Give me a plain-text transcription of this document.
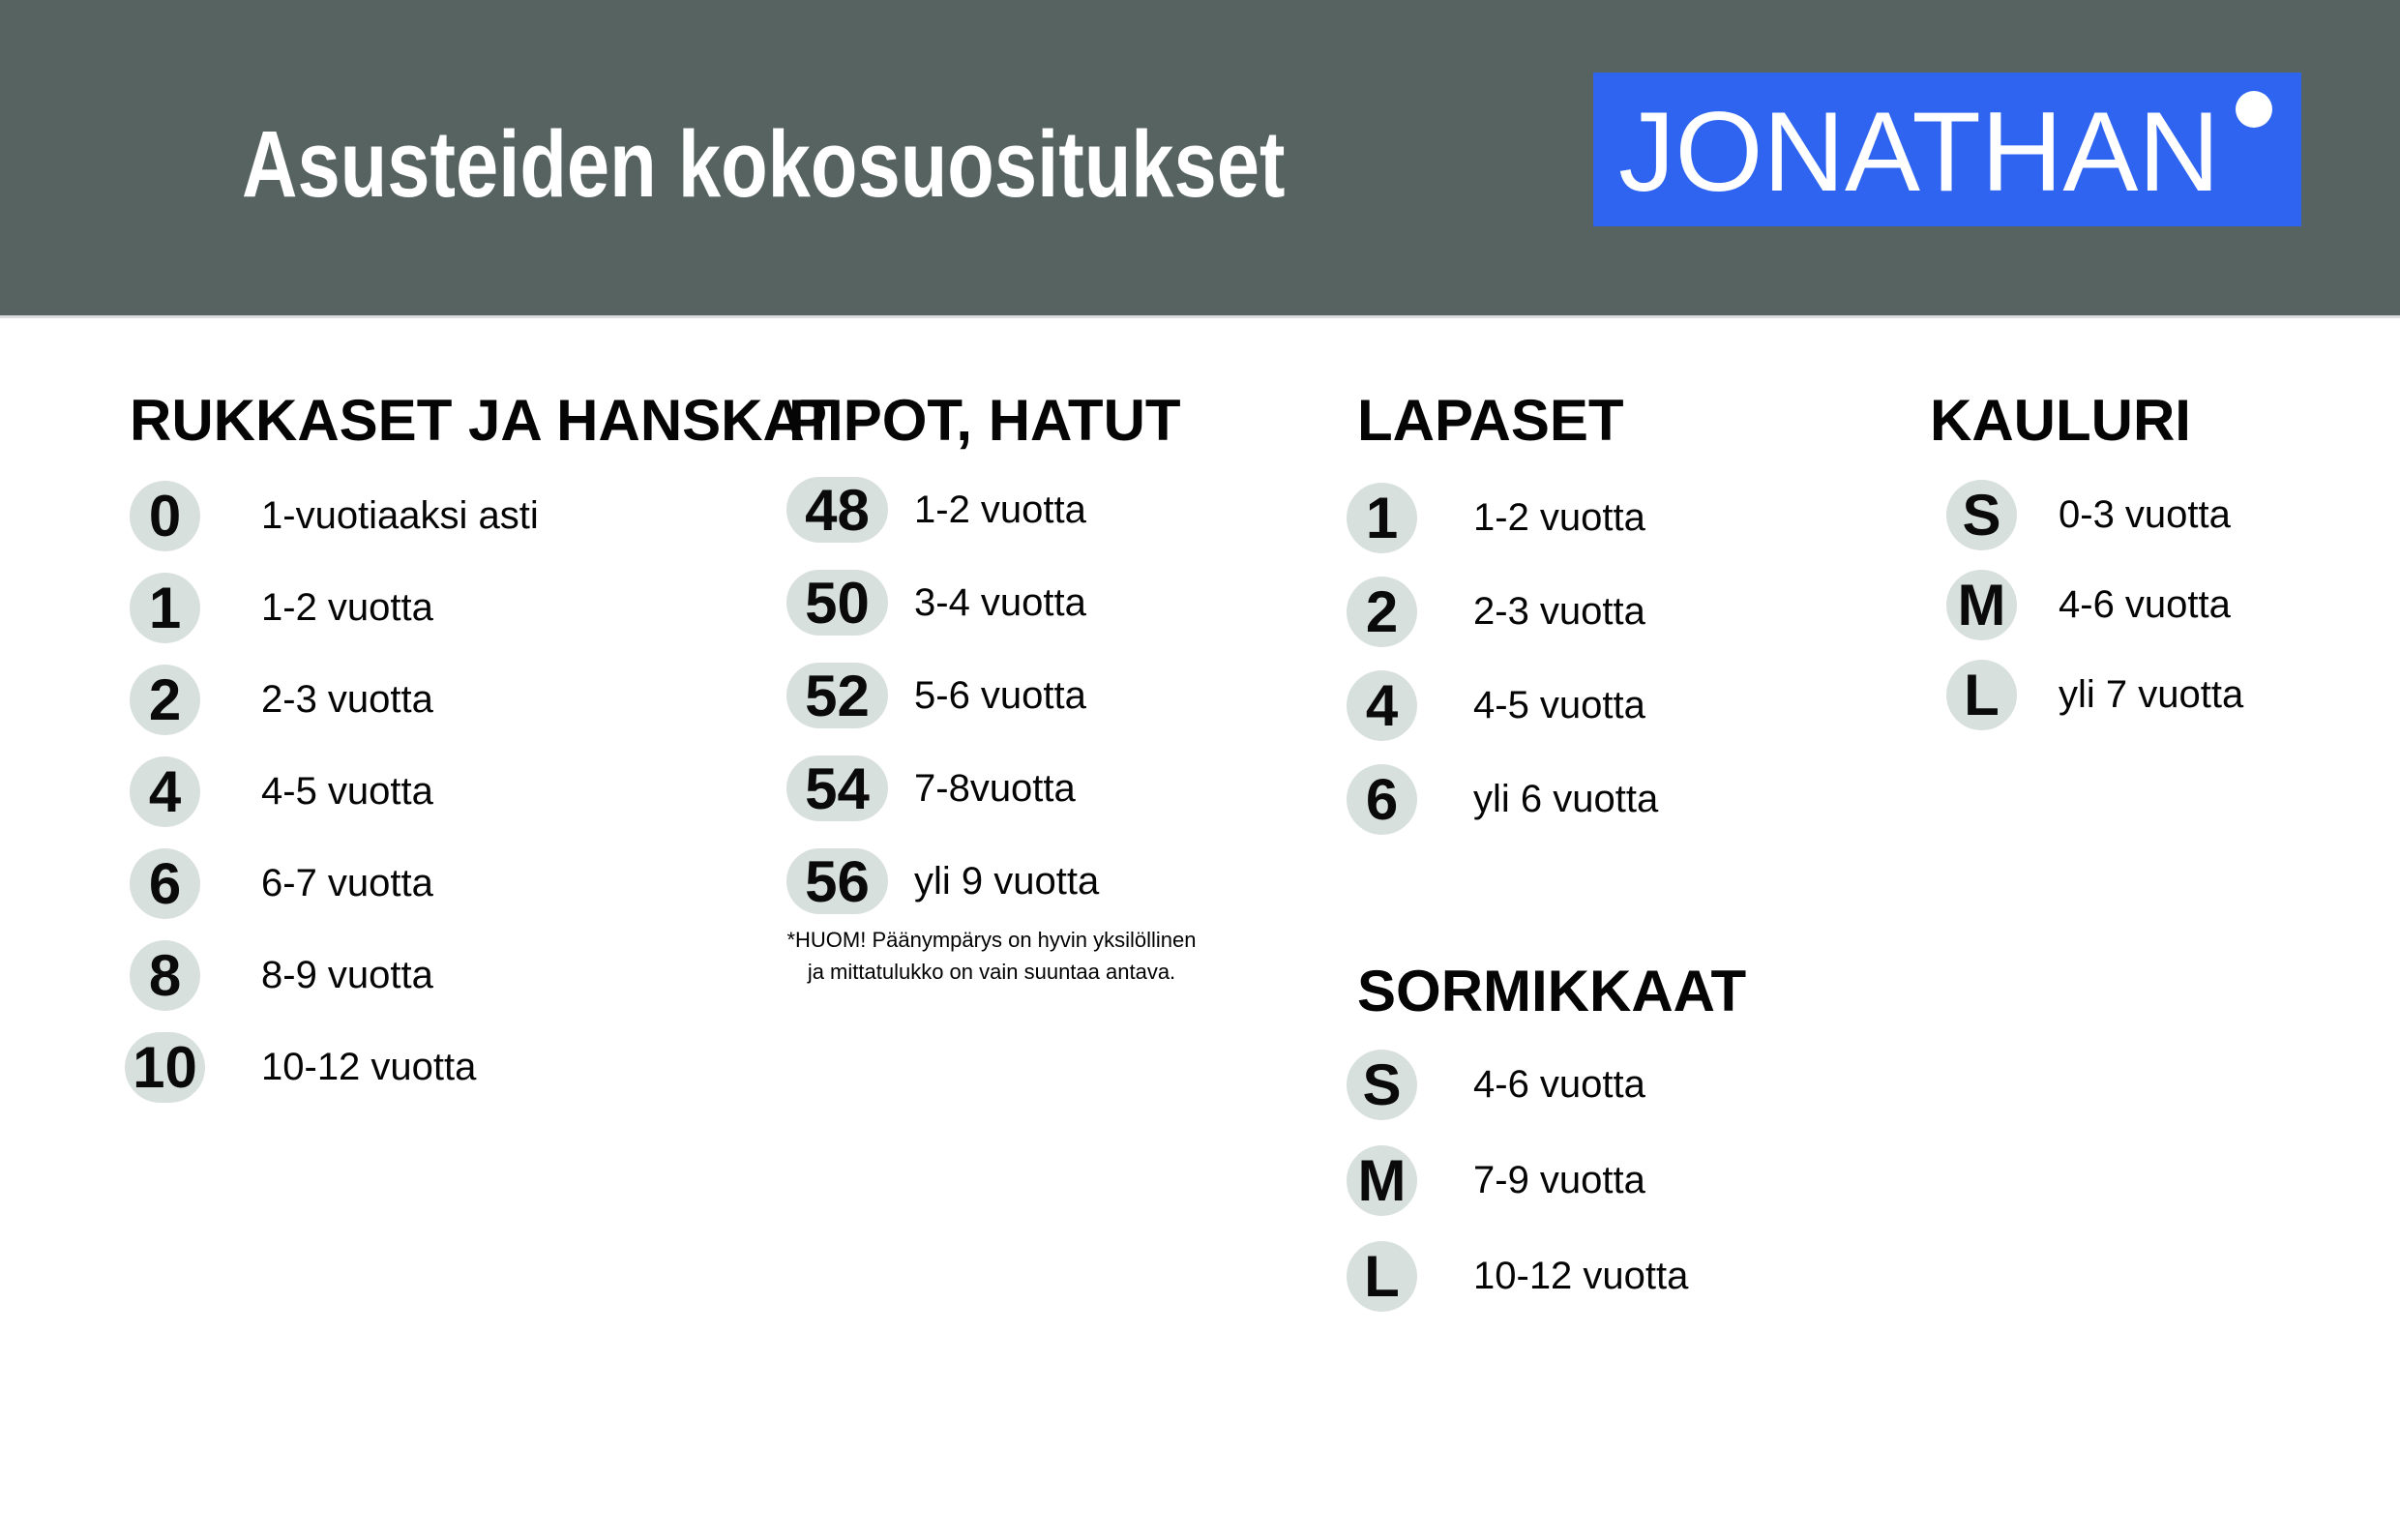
Asusteiden kokosuositukset	JONATHAN
RUKKASET JA HANSKAT
0	1-vuotiaaksi asti
1	1-2 vuotta
2	2-3 vuotta
4	4-5 vuotta
6	6-7 vuotta
8	8-9 vuotta
10 10-12 vuotta
PIPOT, HATUT
48	1-2 vuotta
50	3-4 vuotta
52	5-6 vuotta
54	7-8vuotta
56	yli 9 vuotta
*HUOM! Päänympärys on hyvin yksilöllinen
ja mittatulukko on vain suuntaa antava.
LAPASET
1	1-2 vuotta
2	2-3 vuotta
4	4-5 vuotta
6	yli 6 vuotta
SORMIKKAAT
S	4-6 vuotta
M 7-9 vuotta
L	10-12 vuotta
KAULURI
S	0-3 vuotta
M 4-6 vuotta
L	yli 7 vuotta
